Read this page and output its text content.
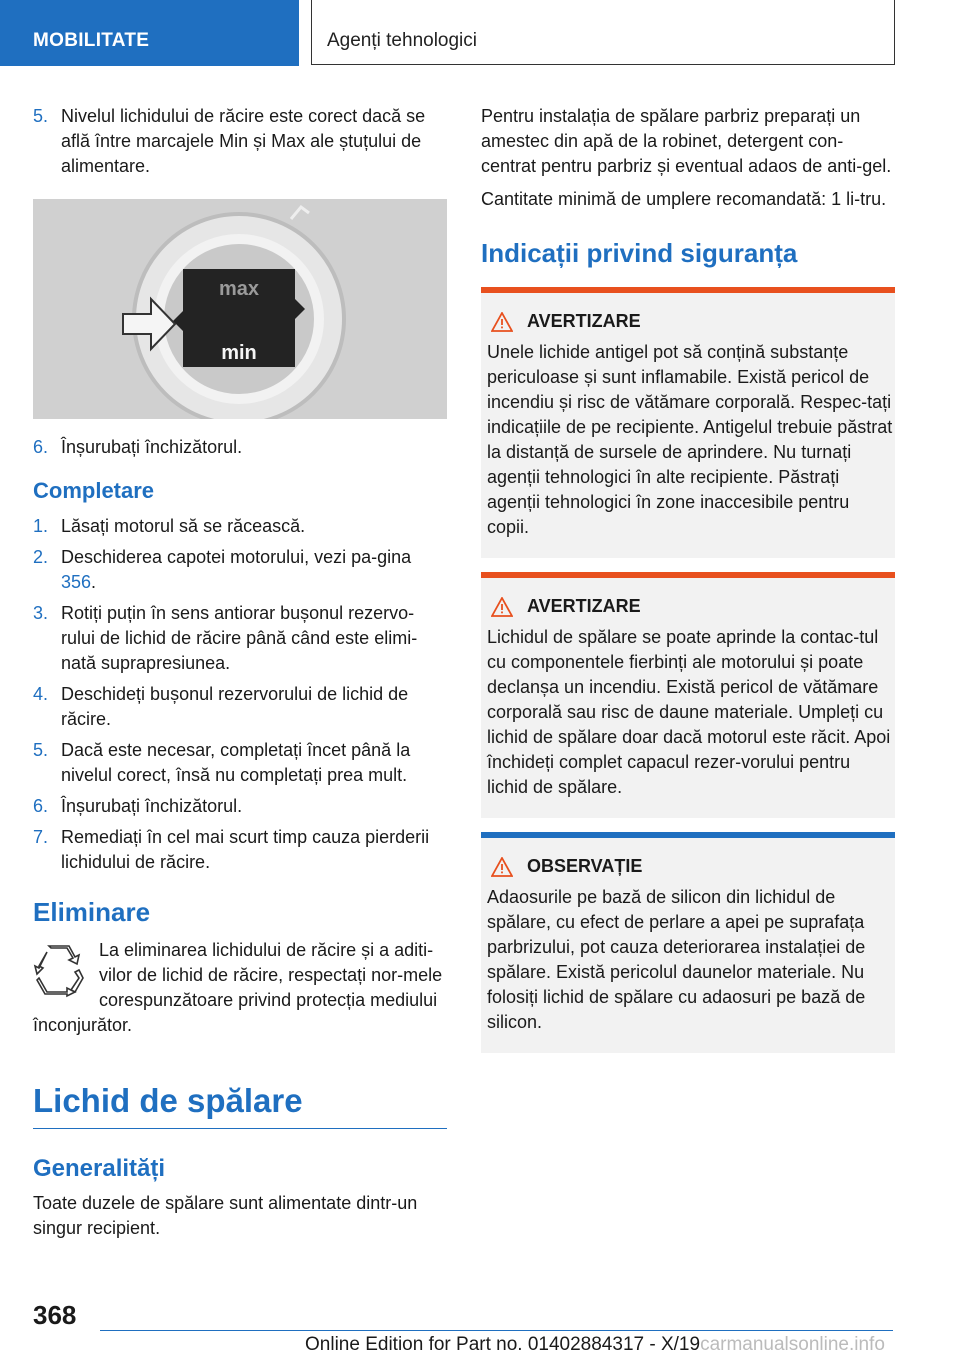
MOBILITATE	Agenți tehnologici
5. Nivelul lichidului de răcire este corect dacă se află între marcajele Min și Max ale ștuțului de alimentare.
max
min
6. Înșurubați închizătorul.
Completare
1. Lăsați motorul să se răcească.
2. Deschiderea capotei motorului, vezi pa-gina 356.
3. Rotiți puțin în sens antiorar bușonul rezervo-rului de lichid de răcire până când este elimi-nată suprapresiunea.
4. Deschideți bușonul rezervorului de lichid de răcire.
5. Dacă este necesar, completați încet până la nivelul corect, însă nu completați prea mult.
6. Înșurubați închizătorul.
7. Remediați în cel mai scurt timp cauza pierderii lichidului de răcire.
Eliminare
La eliminarea lichidului de răcire și a aditi-vilor de lichid de răcire, respectați nor-mele corespunzătoare privind protecția mediului înconjurător.
Lichid de spălare
Generalități
Toate duzele de spălare sunt alimentate dintr-un singur recipient.
Pentru instalația de spălare parbriz preparați un amestec din apă de la robinet, detergent con-centrat pentru parbriz și eventual adaos de anti-gel.
Cantitate minimă de umplere recomandată: 1 li-tru.
Indicații privind siguranța
AVERTIZARE
Unele lichide antigel pot să conțină substanțe periculoase și sunt inflamabile. Există pericol de incendiu și risc de vătămare corporală. Respec-tați indicațiile de pe recipiente. Antigelul trebuie păstrat la distanță de sursele de aprindere. Nu turnați agenții tehnologici în alte recipiente. Păstrați agenții tehnologici în zone inaccesibile pentru copii.
AVERTIZARE
Lichidul de spălare se poate aprinde la contac-tul cu componentele fierbinți ale motorului și poate declanșa un incendiu. Există pericol de vătămare corporală sau risc de daune materiale. Umpleți cu lichid de spălare doar dacă motorul este răcit. Apoi închideți complet capacul rezer-vorului pentru lichid de spălare.
OBSERVAȚIE
Adaosurile pe bază de silicon din lichidul de spălare, cu efect de perlare a apei pe suprafața parbrizului, pot cauza deteriorarea instalației de spălare. Există pericolul daunelor materiale. Nu folosiți lichid de spălare cu adaosuri pe bază de silicon.
368
Online Edition for Part no. 01402884317 - X/19carmanualsonline.info
